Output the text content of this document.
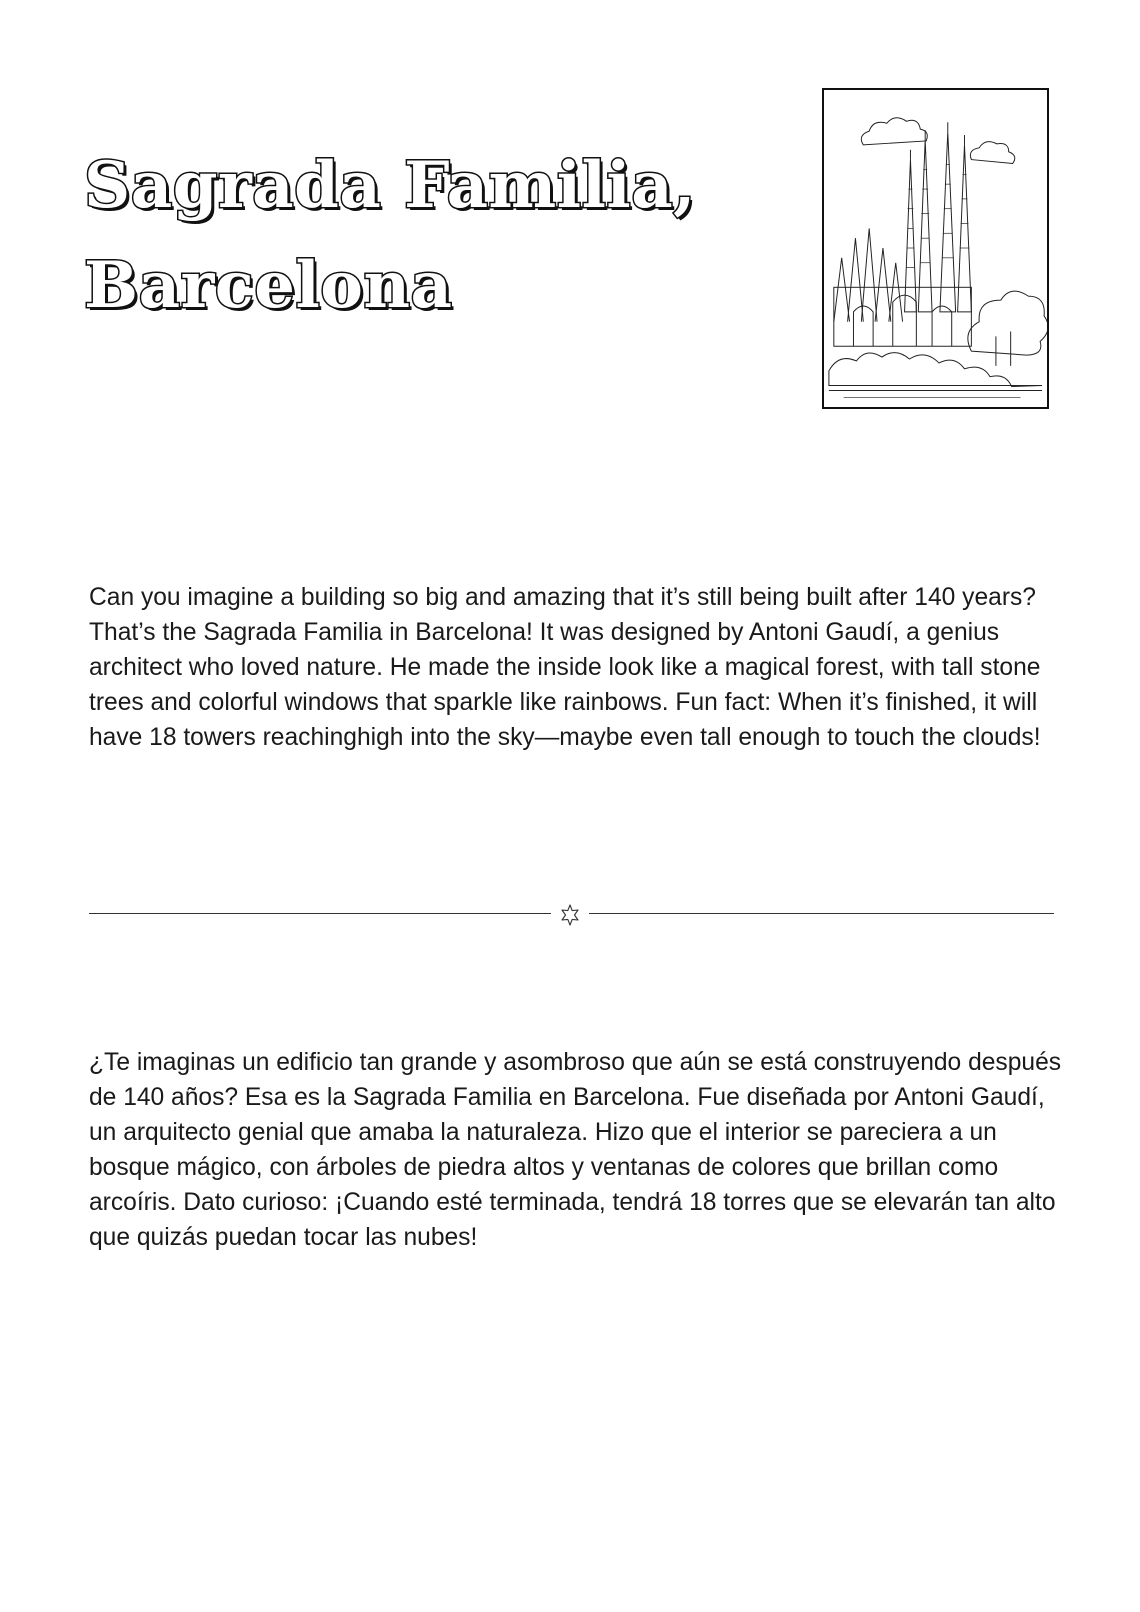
Sagrada Familia,
Barcelona

Can you imagine a building so big and amazing that it’s still being built after 140 years? That’s the Sagrada Familia in Barcelona! It was designed by Antoni Gaudí, a genius architect who loved nature. He made the inside look like a magical forest, with tall stone trees and colorful windows that sparkle like rainbows. Fun fact: When it’s finished, it will have 18 towers reachinghigh into the sky—maybe even tall enough to touch the clouds!

¿Te imaginas un edificio tan grande y asombroso que aún se está construyendo después de 140 años? Esa es la Sagrada Familia en Barcelona. Fue diseñada por Antoni Gaudí, un arquitecto genial que amaba la naturaleza. Hizo que el interior se pareciera a un bosque mágico, con árboles de piedra altos y ventanas de colores que brillan como arcoíris. Dato curioso: ¡Cuando esté terminada, tendrá 18 torres que se elevarán tan alto que quizás puedan tocar las nubes!
